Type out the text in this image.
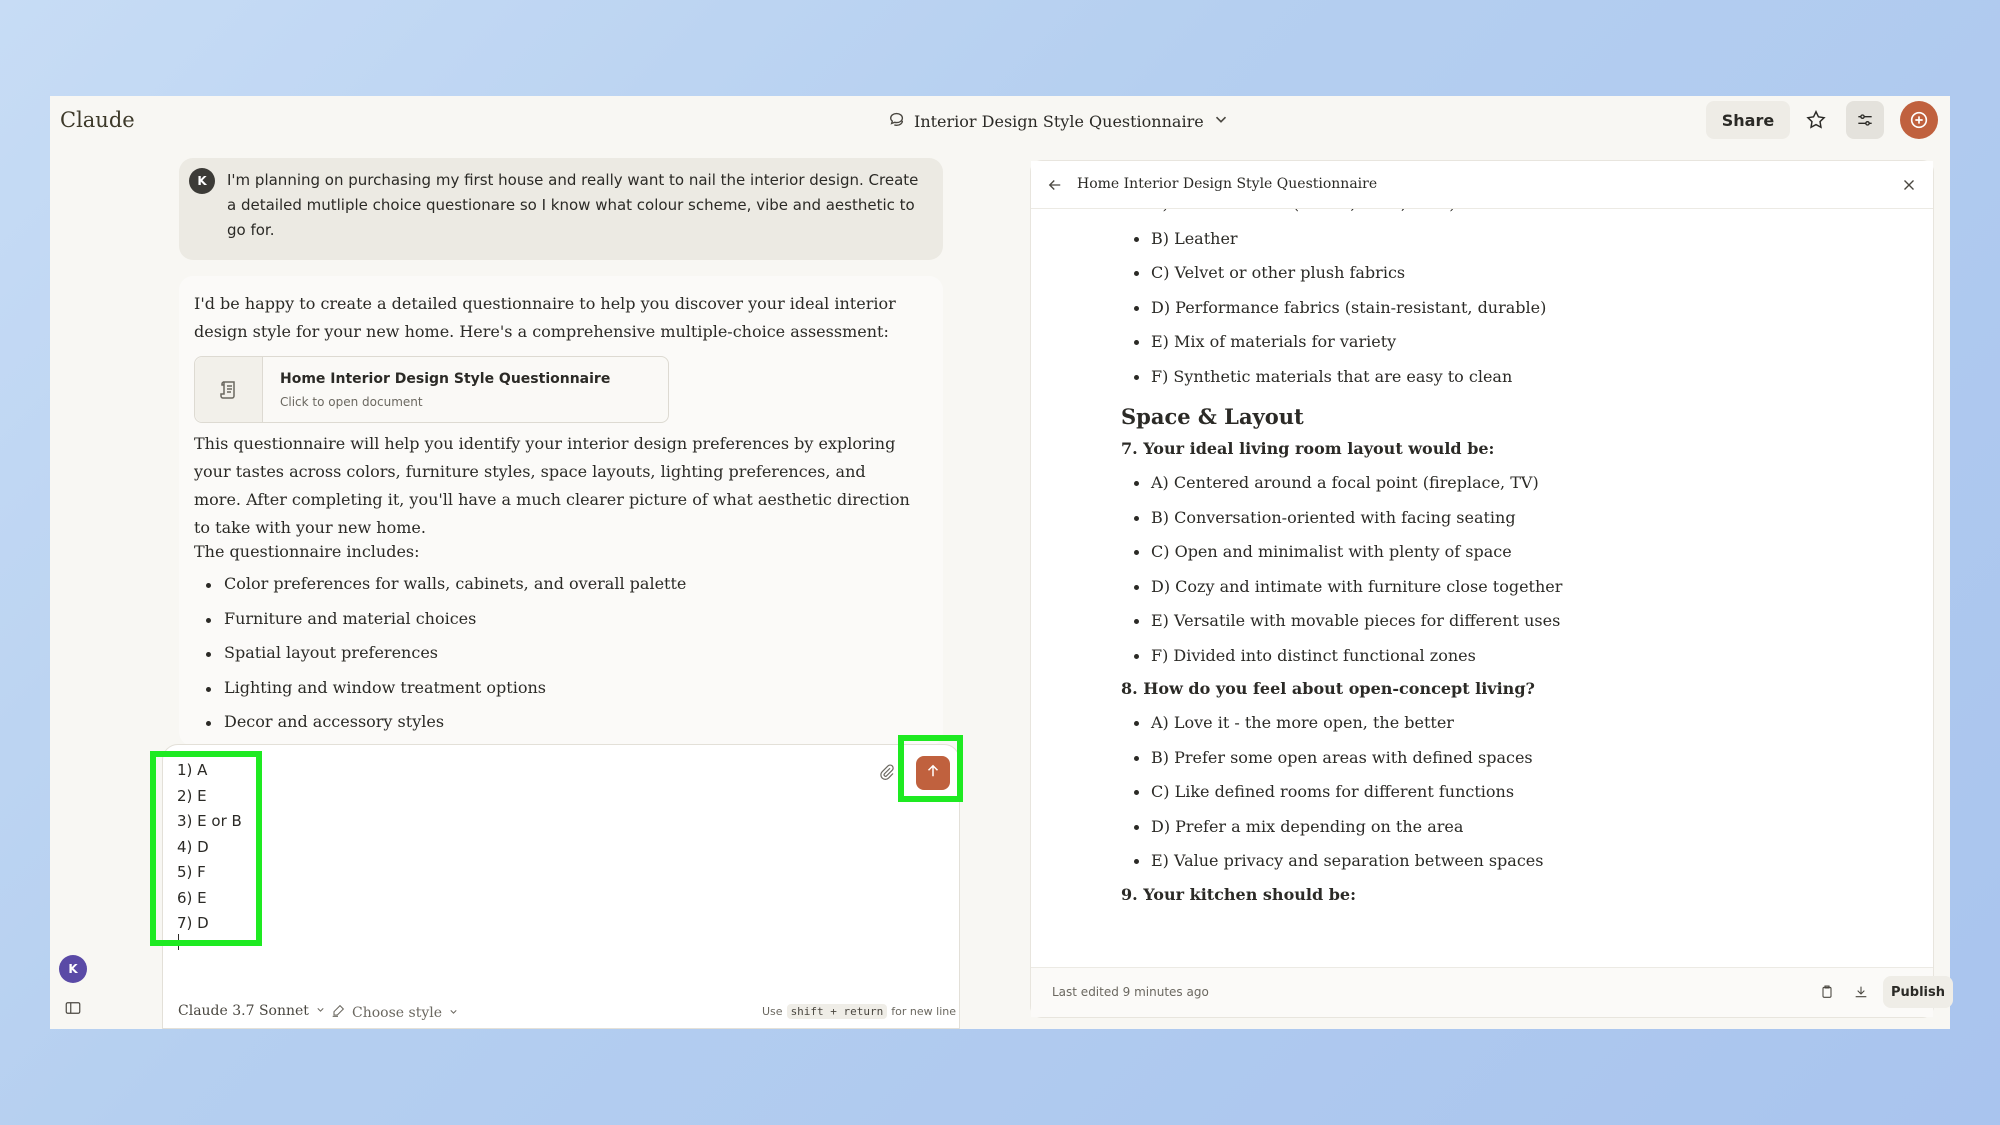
Claude	Interior Design Style Questionnaire	Share
K	I'm planning on purchasing my first house and really want to nail the interior design. Create a detailed mutliple choice questionare so I know what colour scheme, vibe and aesthetic to go for.
I'd be happy to create a detailed questionnaire to help you discover your ideal interior design style for your new home. Here's a comprehensive multiple-choice assessment:
Home Interior Design Style Questionnaire
Click to open document
This questionnaire will help you identify your interior design preferences by exploring your tastes across colors, furniture styles, space layouts, lighting preferences, and more. After completing it, you'll have a much clearer picture of what aesthetic direction to take with your new home.
The questionnaire includes:
Color preferences for walls, cabinets, and overall palette
Furniture and material choices
Spatial layout preferences
Lighting and window treatment options
Decor and accessory styles
1) A
2) E
3) E or B
4) D
5) F
6) E
7) D
Claude 3.7 Sonnet	Choose style	Use shift + return for new line
K
Home Interior Design Style Questionnaire
B) Leather
C) Velvet or other plush fabrics
D) Performance fabrics (stain-resistant, durable)
E) Mix of materials for variety
F) Synthetic materials that are easy to clean
Space & Layout
7. Your ideal living room layout would be:
A) Centered around a focal point (fireplace, TV)
B) Conversation-oriented with facing seating
C) Open and minimalist with plenty of space
D) Cozy and intimate with furniture close together
E) Versatile with movable pieces for different uses
F) Divided into distinct functional zones
8. How do you feel about open-concept living?
A) Love it - the more open, the better
B) Prefer some open areas with defined spaces
C) Like defined rooms for different functions
D) Prefer a mix depending on the area
E) Value privacy and separation between spaces
9. Your kitchen should be:
Last edited 9 minutes ago	Publish
